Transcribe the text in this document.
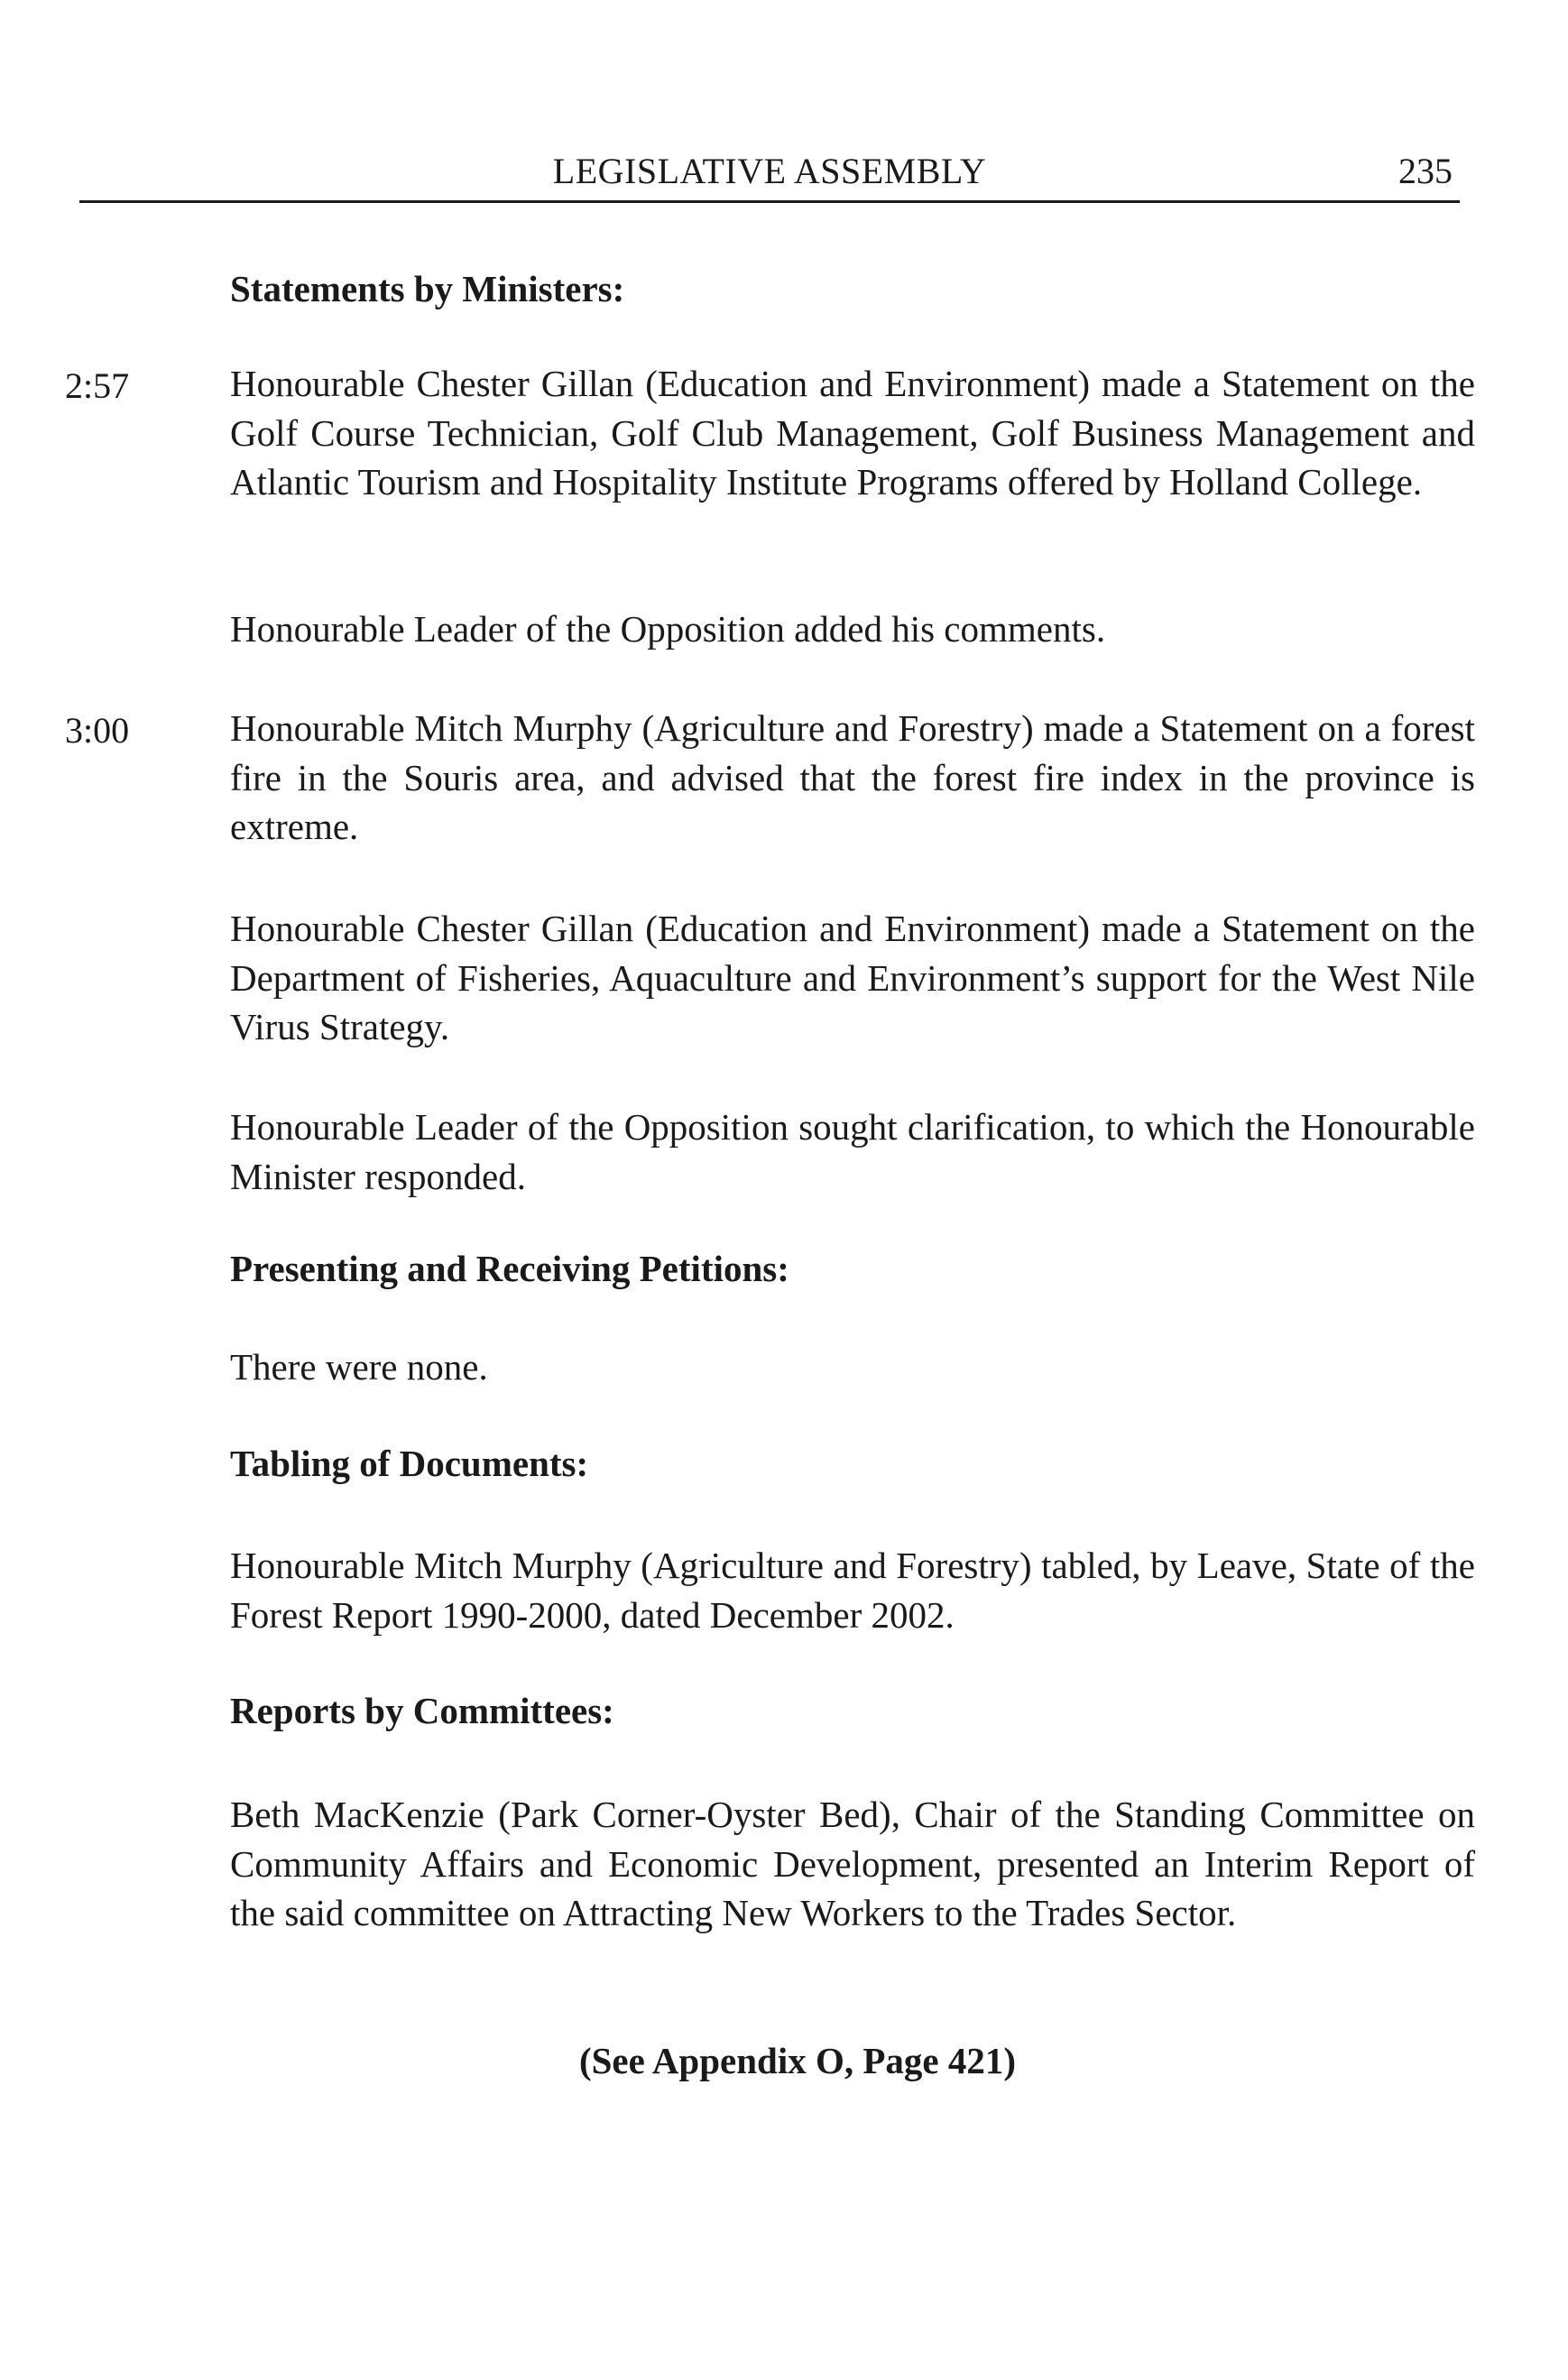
LEGISLATIVE ASSEMBLY	235
Statements by Ministers:
2:57	Honourable Chester Gillan (Education and Environment) made a Statement on the Golf Course Technician, Golf Club Management, Golf Business Management and Atlantic Tourism and Hospitality Institute Programs offered by Holland College.
Honourable Leader of the Opposition added his comments.
3:00	Honourable Mitch Murphy (Agriculture and Forestry) made a Statement on a forest fire in the Souris area, and advised that the forest fire index in the province is extreme.
Honourable Chester Gillan (Education and Environment) made a Statement on the Department of Fisheries, Aquaculture and Environment’s support for the West Nile Virus Strategy.
Honourable Leader of the Opposition sought clarification, to which the Honourable Minister responded.
Presenting and Receiving Petitions:
There were none.
Tabling of Documents:
Honourable Mitch Murphy (Agriculture and Forestry) tabled, by Leave, State of the Forest Report 1990-2000, dated December 2002.
Reports by Committees:
Beth MacKenzie (Park Corner-Oyster Bed), Chair of the Standing Committee on Community Affairs and Economic Development, presented an Interim Report of the said committee on Attracting New Workers to the Trades Sector.
(See Appendix O, Page 421)
